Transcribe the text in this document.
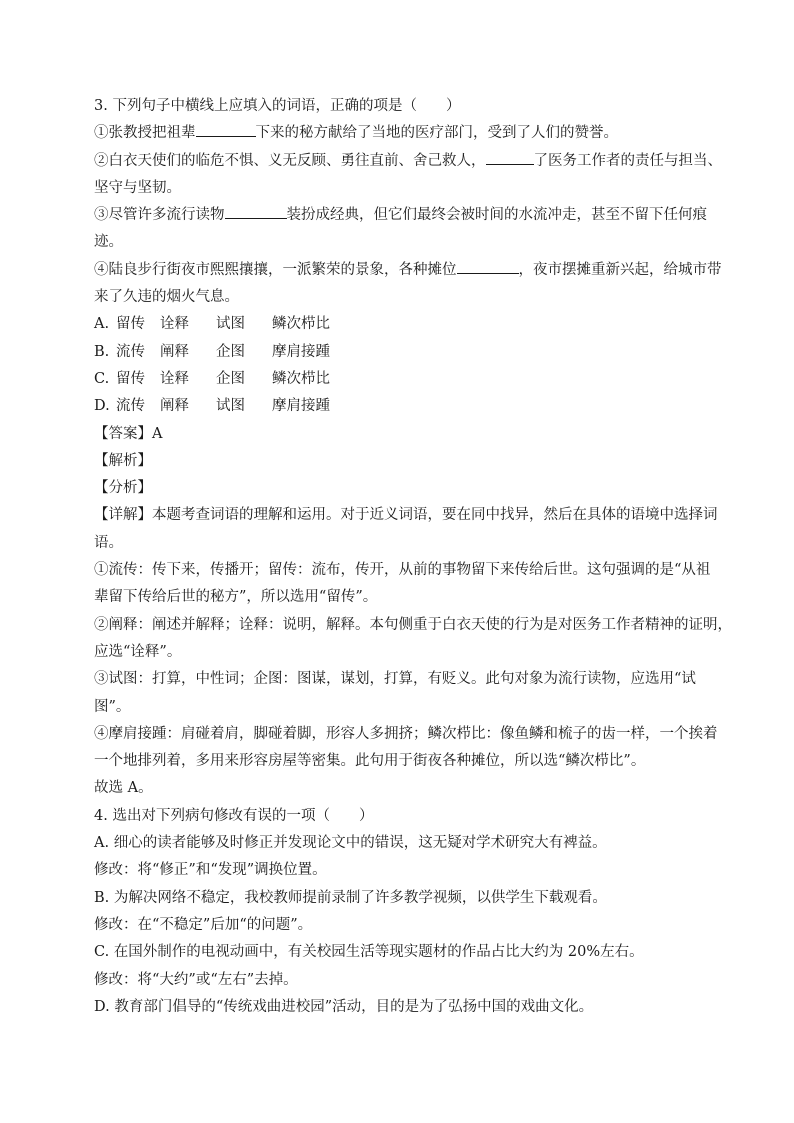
3. 下列句子中横线上应填入的词语，正确的项是（　　）
①张教授把祖辈	下来的秘方献给了当地的医疗部门，受到了人们的赞誉。
②白衣天使们的临危不惧、义无反顾、勇往直前、舍己救人，	了医务工作者的责任与担当、
坚守与坚韧。
③尽管许多流行读物	装扮成经典，但它们最终会被时间的水流冲走，甚至不留下任何痕
迹。
④陆良步行街夜市熙熙攘攘，一派繁荣的景象，各种摊位	，夜市摆摊重新兴起，给城市带
来了久违的烟火气息。
A. 留传	诠释	试图	鳞次栉比
B. 流传	阐释	企图	摩肩接踵
C. 留传	诠释	企图	鳞次栉比
D. 流传	阐释	试图	摩肩接踵
【答案】A
【解析】
【分析】
【详解】本题考查词语的理解和运用。对于近义词语，要在同中找异，然后在具体的语境中选择词
语。
①流传：传下来，传播开；留传：流布，传开，从前的事物留下来传给后世。这句强调的是“从祖
辈留下传给后世的秘方”，所以选用“留传”。
②阐释：阐述并解释；诠释：说明，解释。本句侧重于白衣天使的行为是对医务工作者精神的证明，
应选“诠释”。
③试图：打算，中性词；企图：图谋，谋划，打算，有贬义。此句对象为流行读物，应选用“试
图”。
④摩肩接踵：肩碰着肩，脚碰着脚，形容人多拥挤；鳞次栉比：像鱼鳞和梳子的齿一样，一个挨着
一个地排列着，多用来形容房屋等密集。此句用于街夜各种摊位，所以选“鳞次栉比”。
故选 A。
4. 选出对下列病句修改有误的一项（　　）
A. 细心的读者能够及时修正并发现论文中的错误，这无疑对学术研究大有裨益。
修改：将“修正”和“发现”调换位置。
B. 为解决网络不稳定，我校教师提前录制了许多教学视频，以供学生下载观看。
修改：在“不稳定”后加“的问题”。
C. 在国外制作的电视动画中，有关校园生活等现实题材的作品占比大约为 20%左右。
修改：将“大约”或“左右”去掉。
D. 教育部门倡导的“传统戏曲进校园”活动，目的是为了弘扬中国的戏曲文化。
